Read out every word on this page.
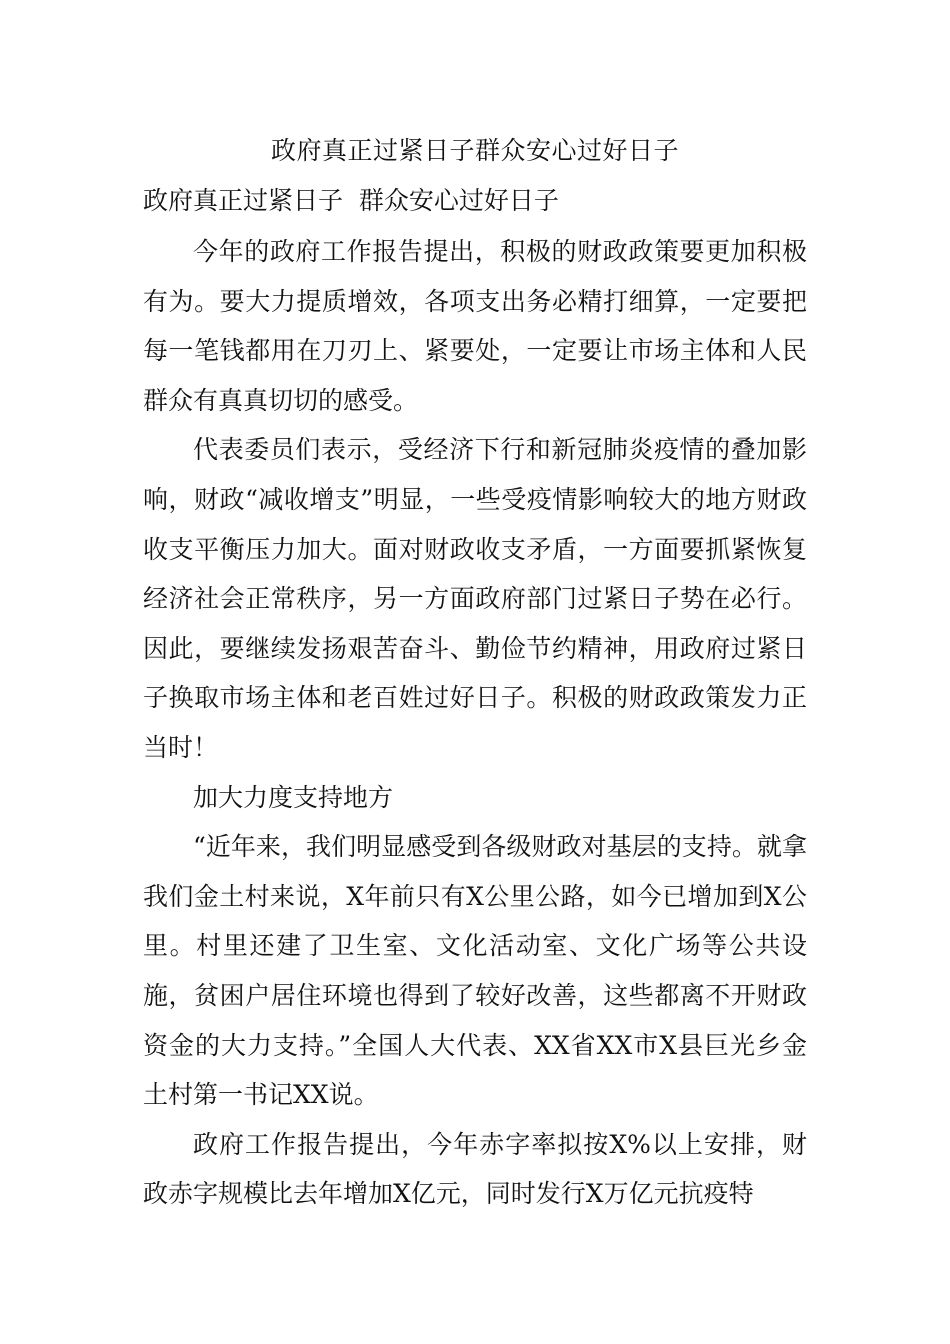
政府真正过紧日子群众安心过好日子
政府真正过紧日子  群众安心过好日子

今年的政府工作报告提出，积极的财政政策要更加积极有为。要大力提质增效，各项支出务必精打细算，一定要把每一笔钱都用在刀刃上、紧要处，一定要让市场主体和人民群众有真真切切的感受。

代表委员们表示，受经济下行和新冠肺炎疫情的叠加影响，财政“减收增支”明显，一些受疫情影响较大的地方财政收支平衡压力加大。面对财政收支矛盾，一方面要抓紧恢复经济社会正常秩序，另一方面政府部门过紧日子势在必行。因此，要继续发扬艰苦奋斗、勤俭节约精神，用政府过紧日子换取市场主体和老百姓过好日子。积极的财政政策发力正当时！

加大力度支持地方

“近年来，我们明显感受到各级财政对基层的支持。就拿我们金土村来说，X年前只有X公里公路，如今已增加到X公里。村里还建了卫生室、文化活动室、文化广场等公共设施，贫困户居住环境也得到了较好改善，这些都离不开财政资金的大力支持。”全国人大代表、XX省XX市X县巨光乡金土村第一书记XX说。

政府工作报告提出，今年赤字率拟按X%以上安排，财政赤字规模比去年增加X亿元，同时发行X万亿元抗疫特
